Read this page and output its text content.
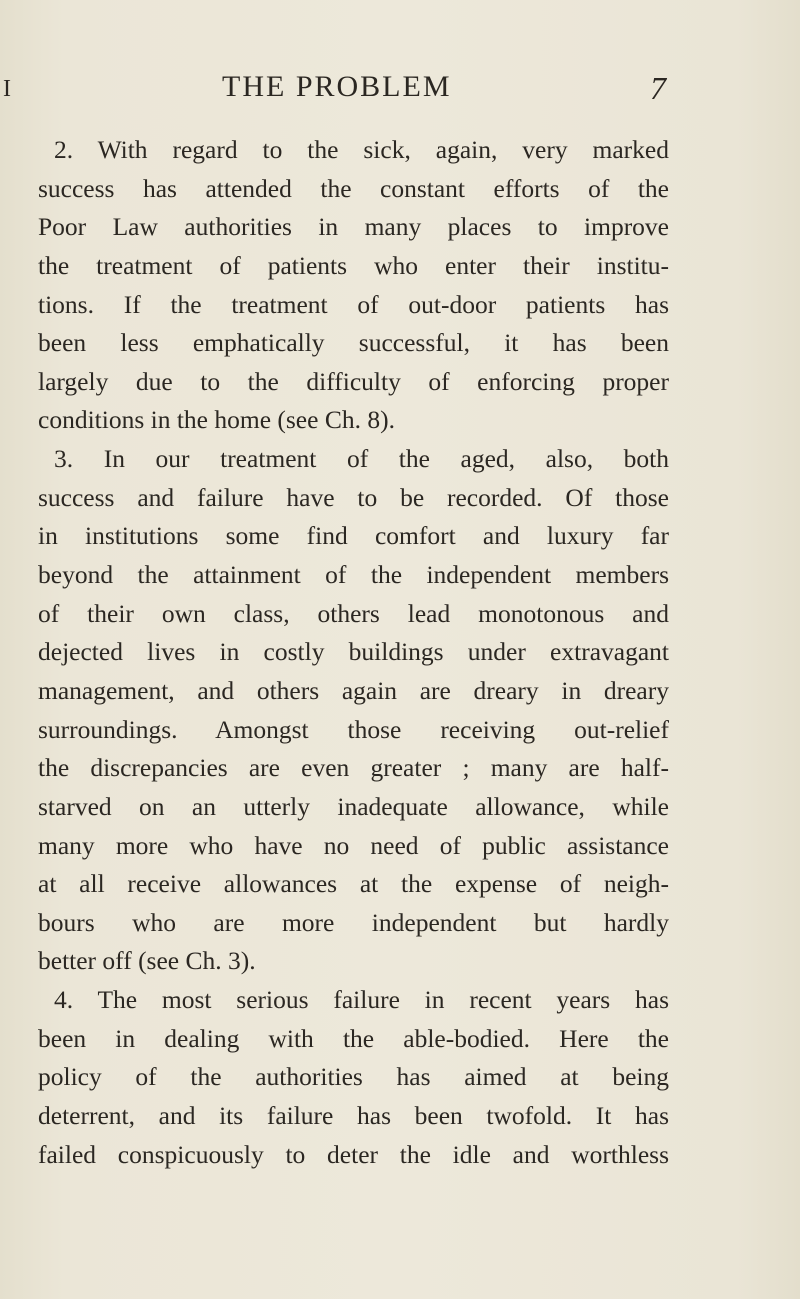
I	THE PROBLEM	7
2. With regard to the sick, again, very marked
success has attended the constant efforts of the
Poor Law authorities in many places to improve
the treatment of patients who enter their institu-
tions. If the treatment of out-door patients has
been less emphatically successful, it has been
largely due to the difficulty of enforcing proper
conditions in the home (see Ch. 8).
3. In our treatment of the aged, also, both
success and failure have to be recorded. Of those
in institutions some find comfort and luxury far
beyond the attainment of the independent members
of their own class, others lead monotonous and
dejected lives in costly buildings under extravagant
management, and others again are dreary in dreary
surroundings. Amongst those receiving out-relief
the discrepancies are even greater ; many are half-
starved on an utterly inadequate allowance, while
many more who have no need of public assistance
at all receive allowances at the expense of neigh-
bours who are more independent but hardly
better off (see Ch. 3).
4. The most serious failure in recent years has
been in dealing with the able-bodied. Here the
policy of the authorities has aimed at being
deterrent, and its failure has been twofold. It has
failed conspicuously to deter the idle and worthless
